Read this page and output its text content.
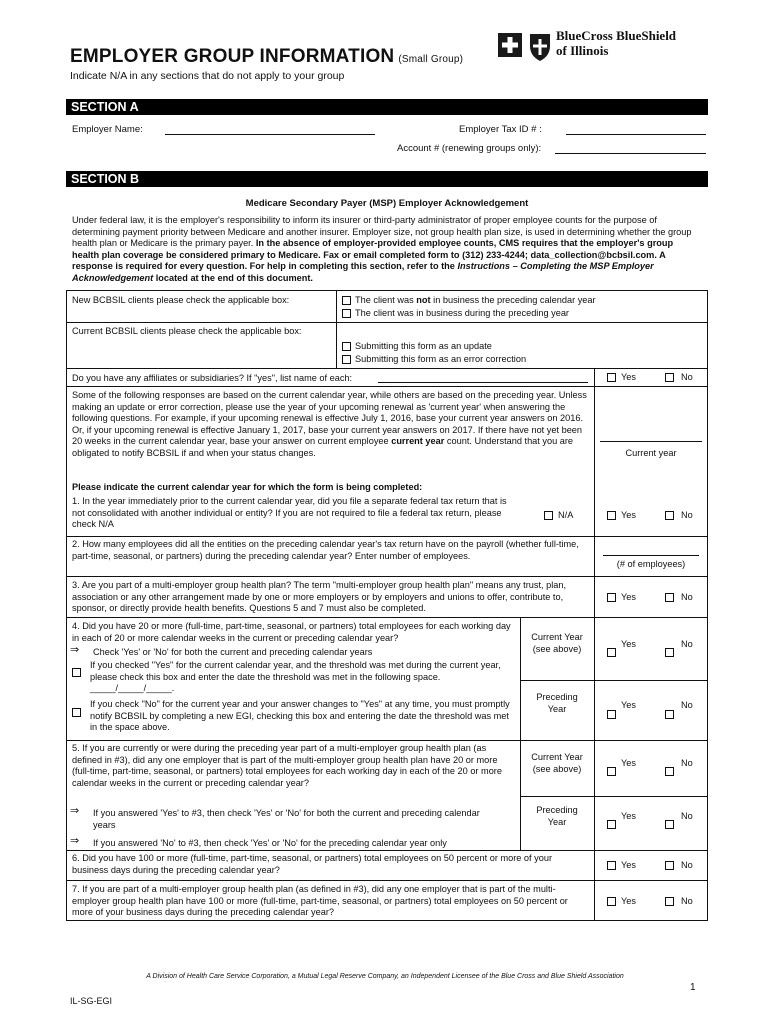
EMPLOYER GROUP INFORMATION (Small Group)
Indicate N/A in any sections that do not apply to your group
BlueCross BlueShield
of Illinois
SECTION A
Employer Name:	Employer Tax ID # :
Account # (renewing groups only):
SECTION B
Medicare Secondary Payer (MSP) Employer Acknowledgement
Under federal law, it is the employer's responsibility to inform its insurer or third-party administrator of proper employee counts for the purpose of determining payment priority between Medicare and another insurer. Employer size, not group health plan size, is used in determining whether the group health plan or Medicare is the primary payer. In the absence of employer-provided employee counts, CMS requires that the employer's group health plan coverage be considered primary to Medicare. Fax or email completed form to (312) 233-4244; data_collection@bcbsil.com. A response is required for every question. For help in completing this section, refer to the Instructions – Completing the MSP Employer Acknowledgement located at the end of this document.
New BCBSIL clients please check the applicable box:	The client was not in business the preceding calendar year
The client was in business during the preceding year
Current BCBSIL clients please check the applicable box:
Submitting this form as an update
Submitting this form as an error correction
Do you have any affiliates or subsidiaries? If "yes", list name of each:	Yes	No
Some of the following responses are based on the current calendar year, while others are based on the preceding year. Unless making an update or error correction, please use the year of your upcoming renewal as 'current year' when answering the following questions. For example, if your upcoming renewal is effective July 1, 2016, base your current year answers on 2016. Or, if your upcoming renewal is effective January 1, 2017, base your current year answers on 2017. If there have not yet been 20 weeks in the current calendar year, base your answer on current employee current year count. Understand that you are obligated to notify BCBSIL if and when your status changes.	Current year
Please indicate the current calendar year for which the form is being completed:
1. In the year immediately prior to the current calendar year, did you file a separate federal tax return that is not consolidated with another individual or entity? If you are not required to file a federal tax return, please check N/A
N/A	Yes	No
2. How many employees did all the entities on the preceding calendar year's tax return have on the payroll (whether full-time, part-time, seasonal, or partners) during the preceding calendar year? Enter number of employees.
(# of employees)
3. Are you part of a multi-employer group health plan? The term "multi-employer group health plan" means any trust, plan, association or any other arrangement made by one or more employers or by employers and unions to offer, contribute to, sponsor, or directly provide health benefits. Questions 5 and 7 must also be completed.
Yes	No
4. Did you have 20 or more (full-time, part-time, seasonal, or partners) total employees for each working day in each of 20 or more calendar weeks in the current or preceding calendar year?
⇒ Check 'Yes' or 'No' for both the current and preceding calendar years
If you checked "Yes" for the current calendar year, and the threshold was met during the current year, please check this box and enter the date the threshold was met in the following space. _____/_____/_____.
If you check "No" for the current year and your answer changes to "Yes" at any time, you must promptly notify BCBSIL by completing a new EGI, checking this box and entering the date the threshold was met in the space above.
Current Year
(see above)	Yes	No
Preceding
Year	Yes	No
5. If you are currently or were during the preceding year part of a multi-employer group health plan (as defined in #3), did any one employer that is part of the multi-employer group health plan have 20 or more (full-time, part-time, seasonal, or partners) total employees for each working day in each of the 20 or more calendar weeks in the current or preceding calendar year?
⇒ If you answered 'Yes' to #3, then check 'Yes' or 'No' for both the current and preceding calendar years
⇒ If you answered 'No' to #3, then check 'Yes' or 'No' for the preceding calendar year only
Current Year
(see above)
Yes	No
Preceding
Year
Yes	No
6. Did you have 100 or more (full-time, part-time, seasonal, or partners) total employees on 50 percent or more of your business days during the preceding calendar year?	Yes	No
7. If you are part of a multi-employer group health plan (as defined in #3), did any one employer that is part of the multi-employer group health plan have 100 or more (full-time, part-time, seasonal, or partners) total employees on 50 percent or more of your business days during the preceding calendar year?
Yes	No
A Division of Health Care Service Corporation, a Mutual Legal Reserve Company, an Independent Licensee of the Blue Cross and Blue Shield Association
1
IL-SG-EGI
